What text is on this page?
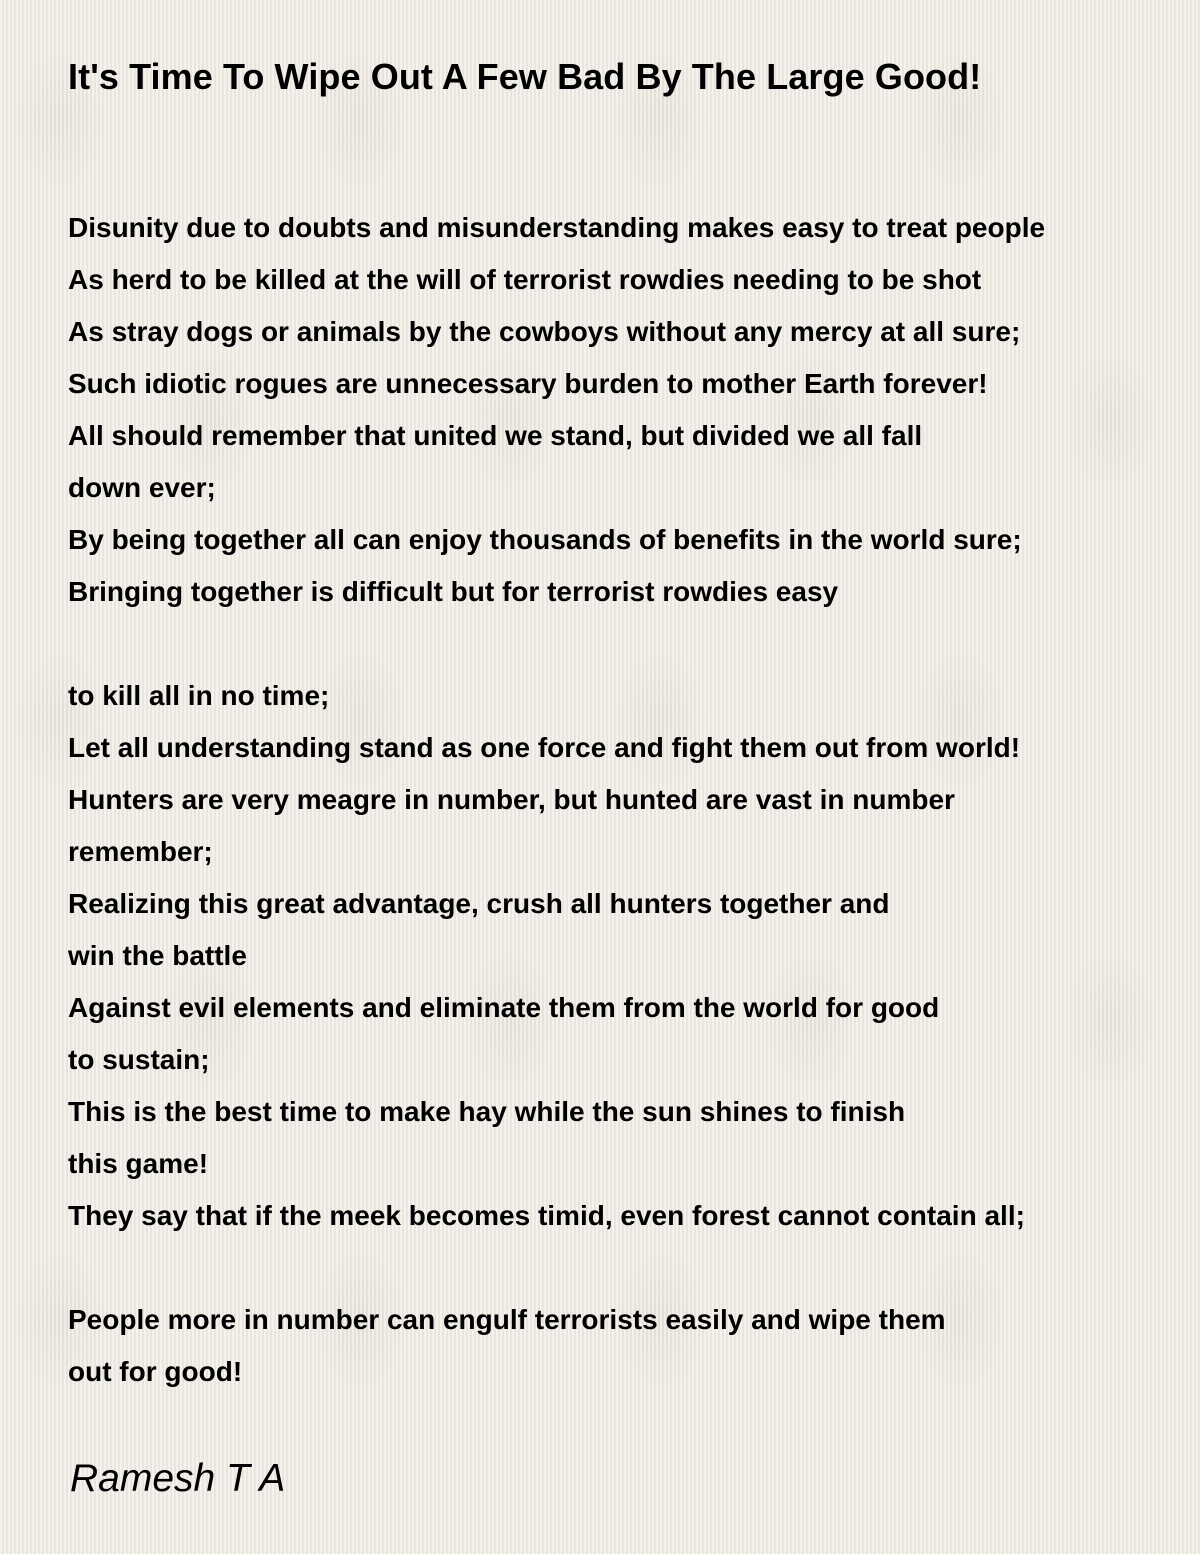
It's Time To Wipe Out A Few Bad By The Large Good!
Disunity due to doubts and misunderstanding makes easy to treat people
As herd to be killed at the will of terrorist rowdies needing to be shot
As stray dogs or animals by the cowboys without any mercy at all sure;
Such idiotic rogues are unnecessary burden to mother Earth forever!
All should remember that united we stand, but divided we all fall
down ever;
By being together all can enjoy thousands of benefits in the world sure;
Bringing together is difficult but for terrorist rowdies easy
to kill all in no time;
Let all understanding stand as one force and fight them out from world!
Hunters are very meagre in number, but hunted are vast in number
remember;
Realizing this great advantage, crush all hunters together and
win the battle
Against evil elements and eliminate them from the world for good
to sustain;
This is the best time to make hay while the sun shines to finish
this game!
They say that if the meek becomes timid, even forest cannot contain all;
People more in number can engulf terrorists easily and wipe them
out for good!

Ramesh T A
